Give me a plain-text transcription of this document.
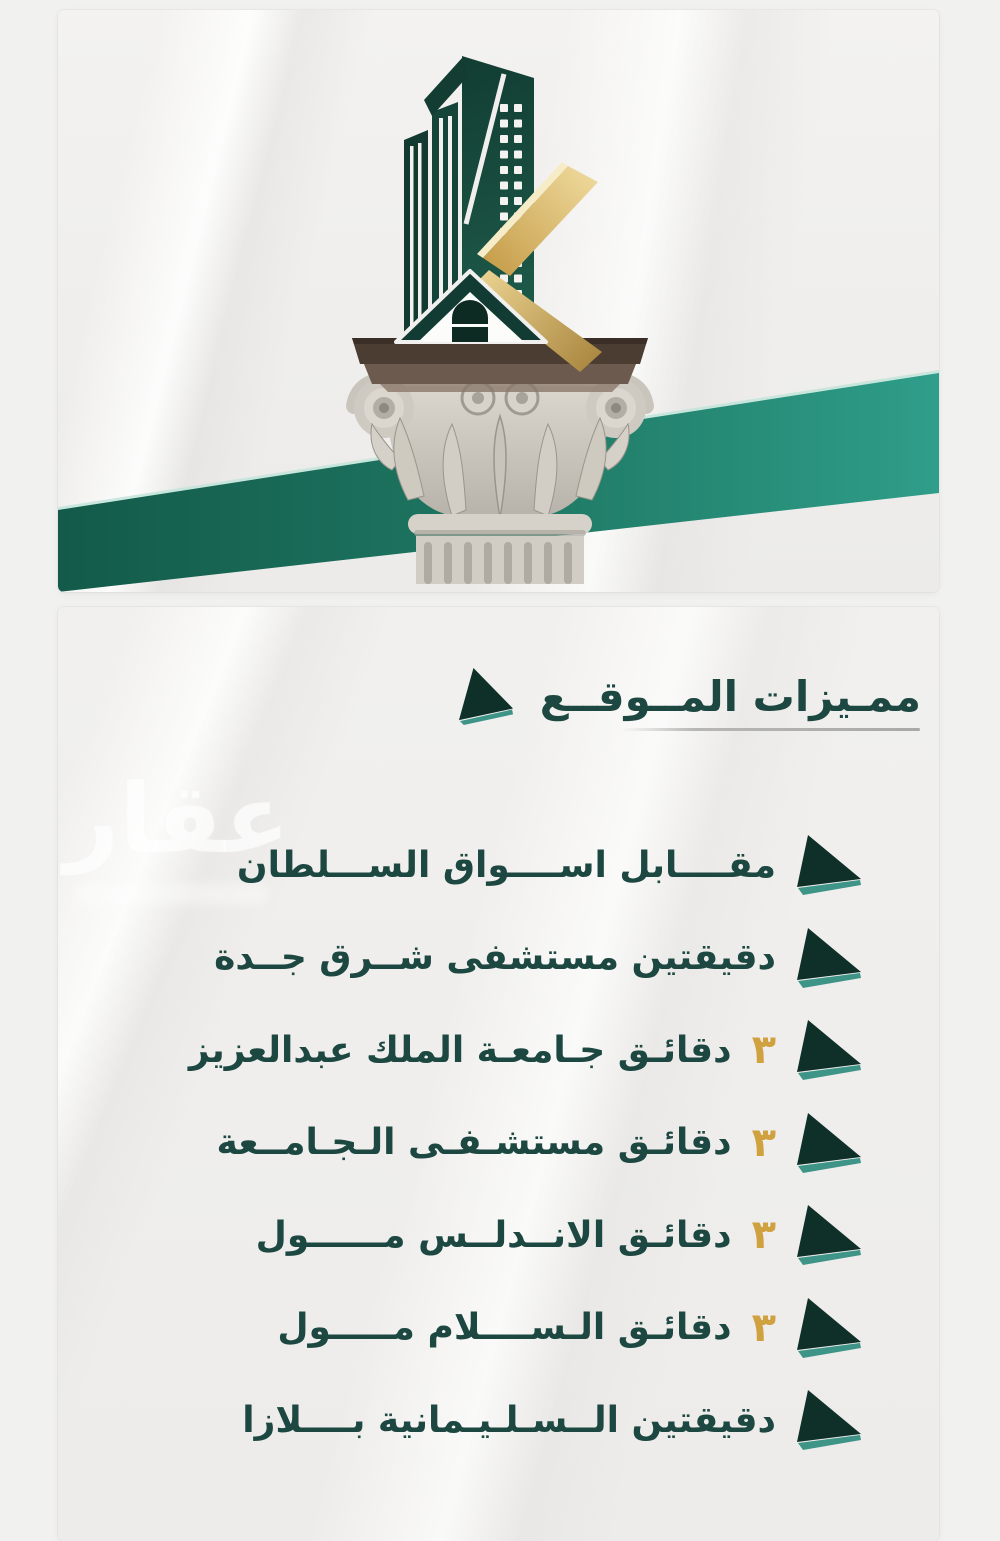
عقار
ممـيزات المــوقــع
مقــــابل اســــواق الســـلطان
دقيقتين مستشفى شــرق جــدة
٣
دقائـق جـامعـة الملك عبدالعزيز
٣
دقائـق مستشـفـى الـجـامــعة
٣
دقائـق الانــدلــس مــــــول
٣
دقائـق الـســــلام مـــــول
دقيقتين الــسـلـيـمانية بــــلازا
